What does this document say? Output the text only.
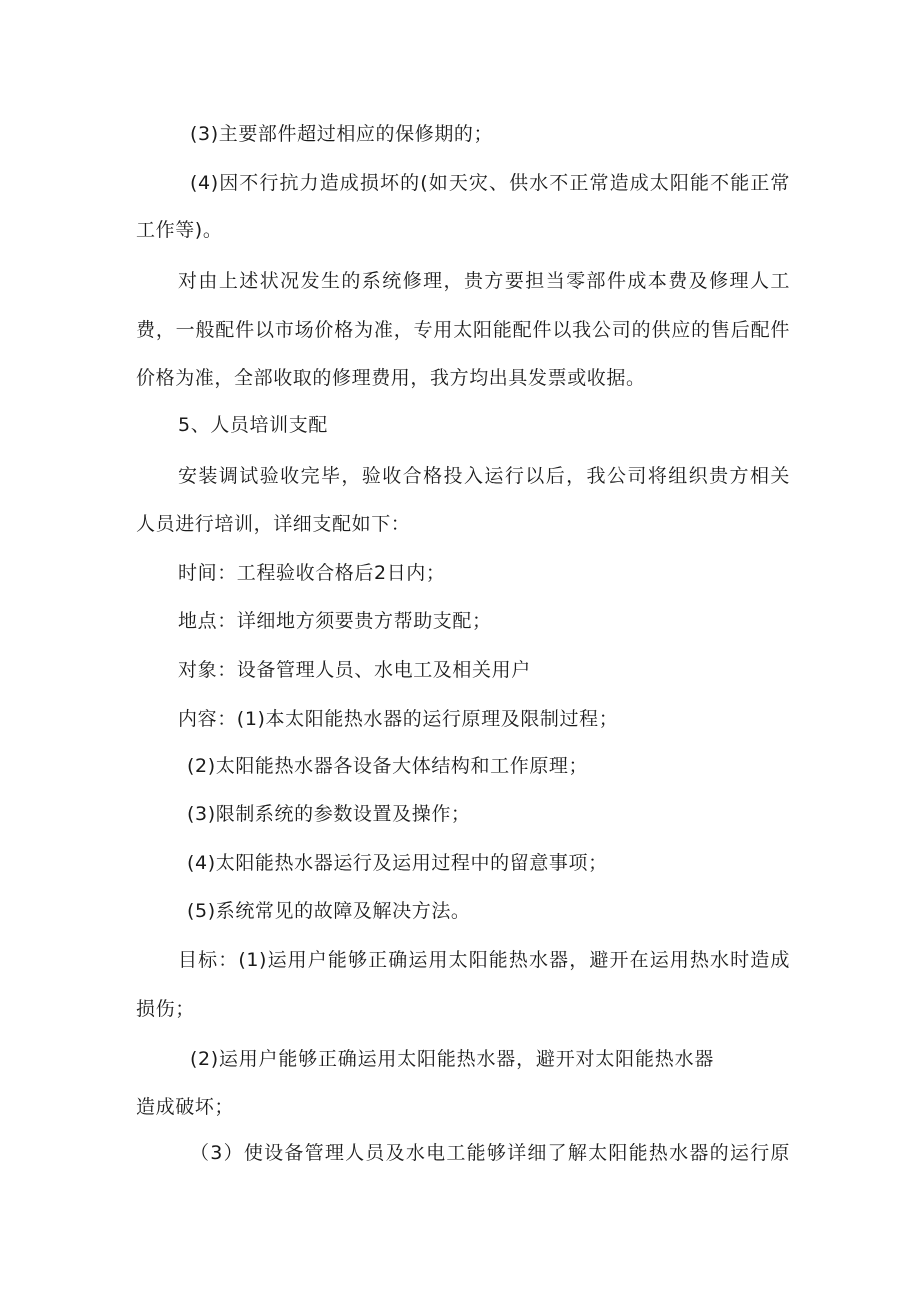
(3)主要部件超过相应的保修期的；
(4)因不行抗力造成损坏的(如天灾、供水不正常造成太阳能不能正常
工作等)。
对由上述状况发生的系统修理，贵方要担当零部件成本费及修理人工
费，一般配件以市场价格为准，专用太阳能配件以我公司的供应的售后配件
价格为准，全部收取的修理费用，我方均出具发票或收据。
5、人员培训支配
安装调试验收完毕，验收合格投入运行以后，我公司将组织贵方相关
人员进行培训，详细支配如下：
时间：工程验收合格后2日内；
地点：详细地方须要贵方帮助支配；
对象：设备管理人员、水电工及相关用户
内容：(1)本太阳能热水器的运行原理及限制过程；
(2)太阳能热水器各设备大体结构和工作原理；
(3)限制系统的参数设置及操作；
(4)太阳能热水器运行及运用过程中的留意事项；
(5)系统常见的故障及解决方法。
目标：(1)运用户能够正确运用太阳能热水器，避开在运用热水时造成
损伤；
(2)运用户能够正确运用太阳能热水器，避开对太阳能热水器
造成破坏；
（3）使设备管理人员及水电工能够详细了解太阳能热水器的运行原
